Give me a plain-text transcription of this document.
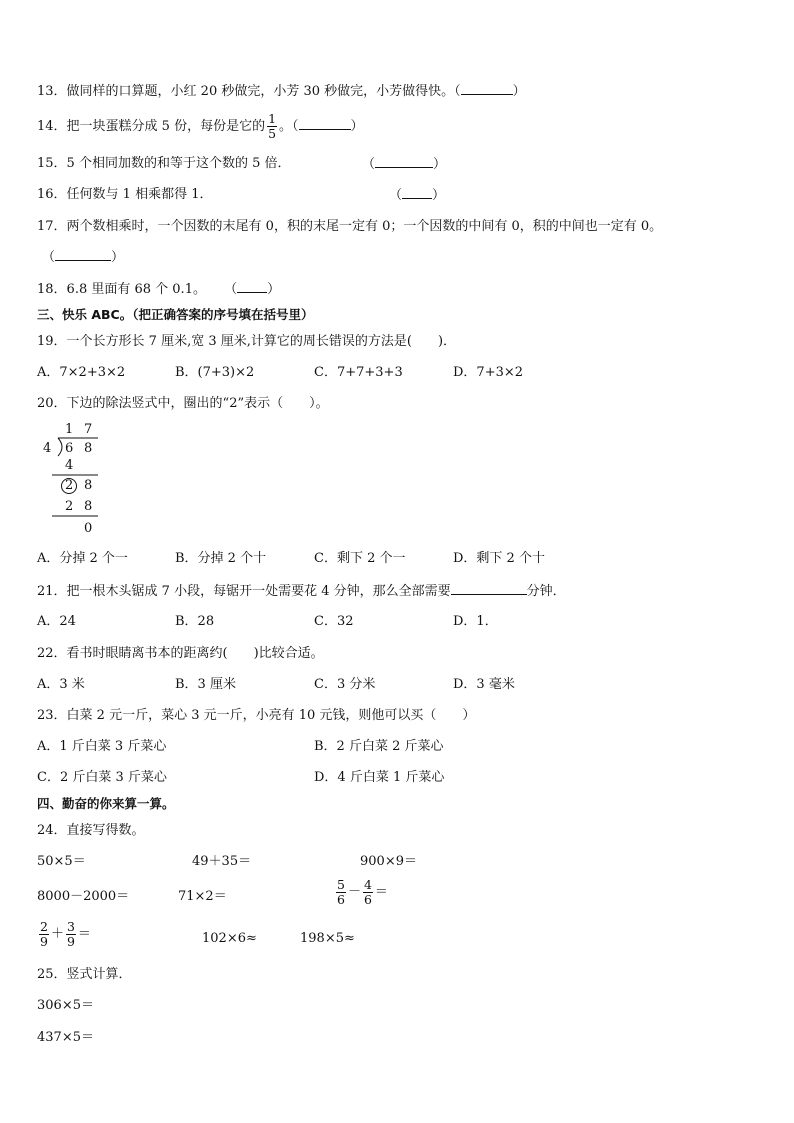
13．做同样的口算题，小红 20 秒做完，小芳 30 秒做完，小芳做得快。（	）
14．把一块蛋糕分成 5 份，每份是它的 $\frac{1}{5}$ 。（	）
15．5 个相同加数的和等于这个数的 5 倍．	（	）
16．任何数与 1 相乘都得 1．	（ ）
17．两个数相乘时，一个因数的末尾有 0，积的末尾一定有 0；一个因数的中间有 0，积的中间也一定有 0。
（	）
18．6.8 里面有 68 个 0.1。 （ ）
三、快乐 ABC。（把正确答案的序号填在括号里）
19．一个长方形长 7 厘米,宽 3 厘米,计算它的周长错误的方法是(　　)．
A．7×2+3×2	B．(7+3)×2	C．7+7+3+3	D．7+3×2
20．下边的除法竖式中，圈出的“2”表示（　　）。
1 7
4 6 8
4
2 8
2 8
0
A．分掉 2 个一	B．分掉 2 个十	C．剩下 2 个一	D．剩下 2 个十
21．把一根木头锯成 7 小段，每锯开一处需要花 4 分钟，那么全部需要	分钟．
A．24	B．28	C．32	D．1．
22．看书时眼睛离书本的距离约(　　)比较合适。
A．3 米	B．3 厘米	C．3 分米	D．3 毫米
23．白菜 2 元一斤，菜心 3 元一斤，小亮有 10 元钱，则他可以买（　　）
A．1 斤白菜 3 斤菜心	B．2 斤白菜 2 斤菜心
C．2 斤白菜 3 斤菜心	D．4 斤白菜 1 斤菜心
四、勤奋的你来算一算。
24．直接写得数。
50×5＝	49＋35＝	900×9＝
8000－2000＝	71×2＝	$\frac{5}{6} - \frac{4}{6}$ ＝
$\frac{2}{9} + \frac{3}{9}$ ＝	102×6≈	198×5≈
25．竖式计算．
306×5＝
437×5＝
